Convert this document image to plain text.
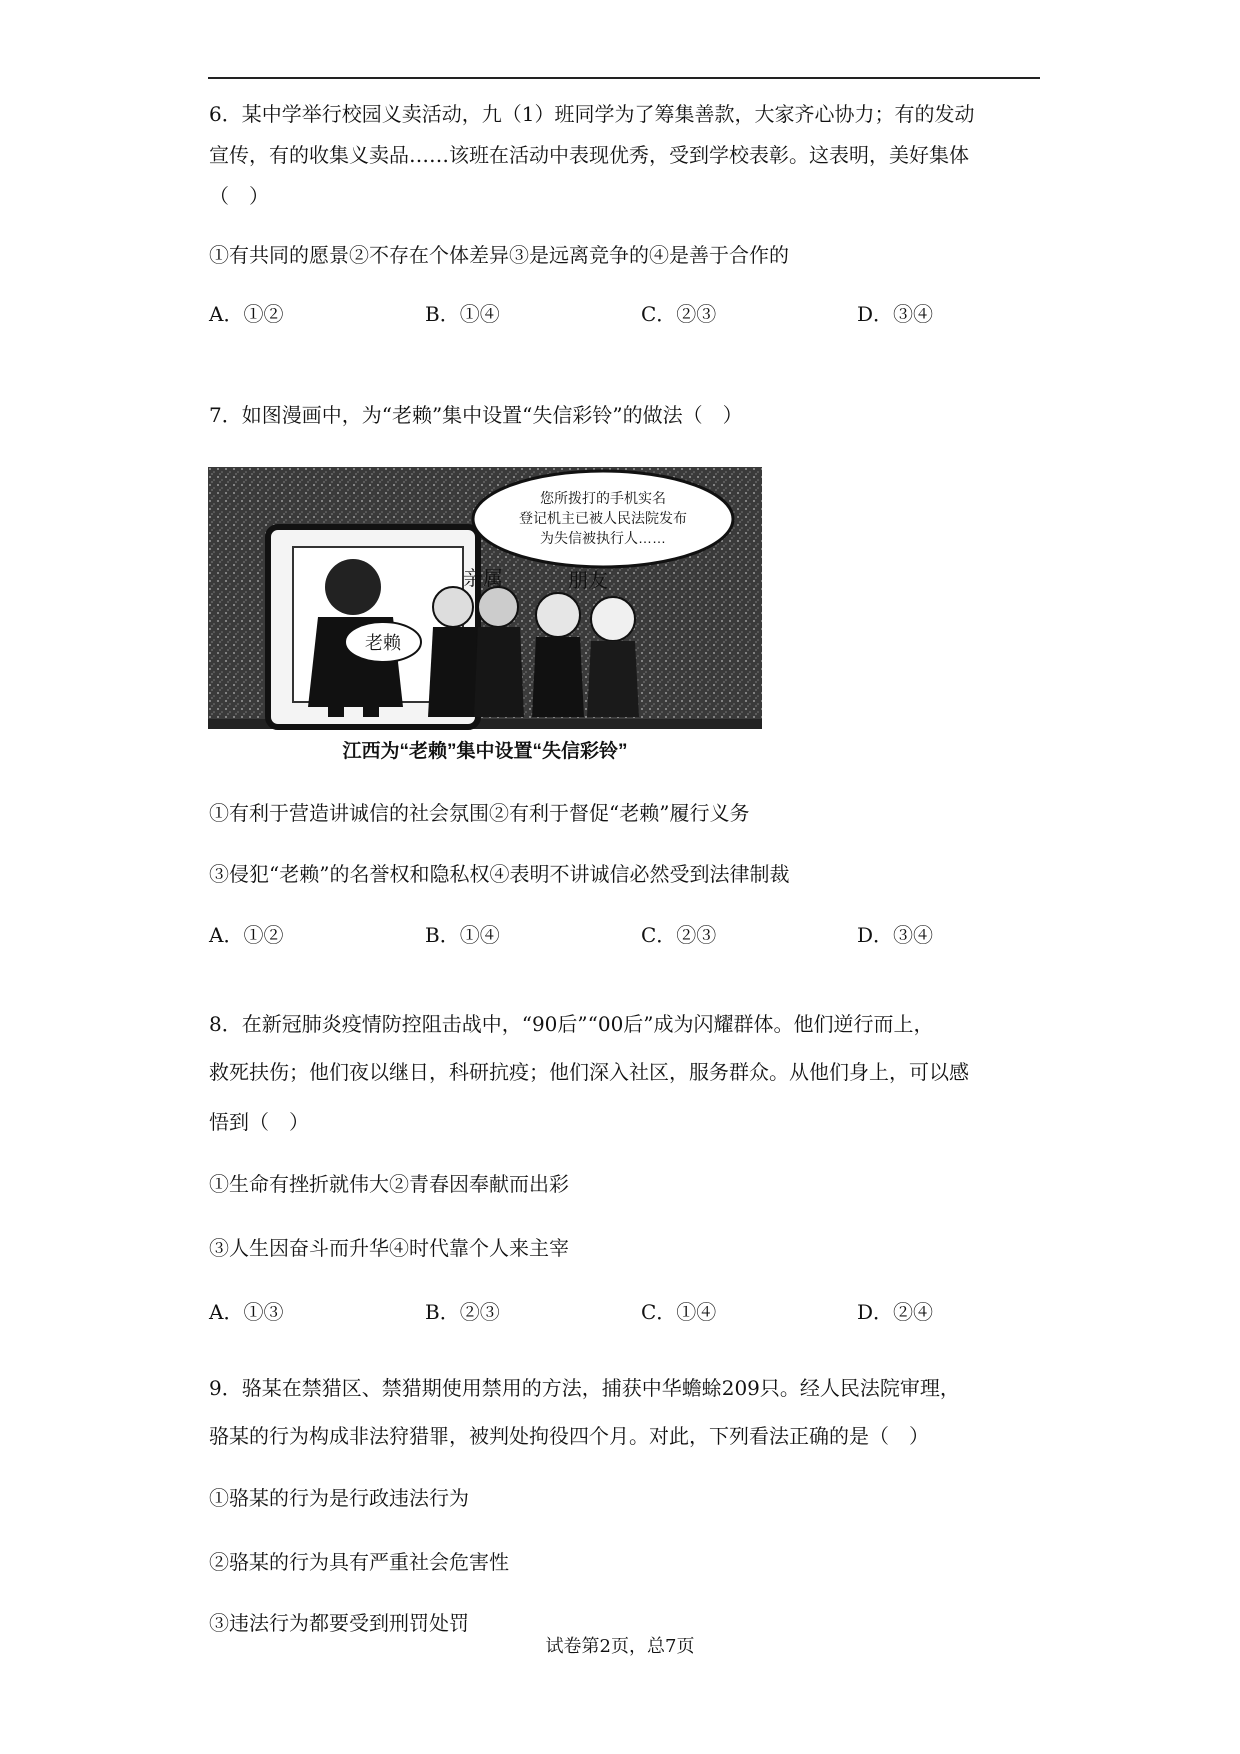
6．某中学举行校园义卖活动，九（1）班同学为了筹集善款，大家齐心协力；有的发动
宣传，有的收集义卖品……该班在活动中表现优秀，受到学校表彰。这表明，美好集体
（　）
①有共同的愿景②不存在个体差异③是远离竞争的④是善于合作的
A．①②	B．①④	C．②③	D．③④
7．如图漫画中，为“老赖”集中设置“失信彩铃”的做法（　）
您所拨打的手机实名
登记机主已被人民法院发布
为失信被执行人……
老赖
亲属	朋友
江西为“老赖”集中设置“失信彩铃”
①有利于营造讲诚信的社会氛围②有利于督促“老赖”履行义务
③侵犯“老赖”的名誉权和隐私权④表明不讲诚信必然受到法律制裁
A．①②	B．①④	C．②③	D．③④
8．在新冠肺炎疫情防控阻击战中，“90后”“00后”成为闪耀群体。他们逆行而上，
救死扶伤；他们夜以继日，科研抗疫；他们深入社区，服务群众。从他们身上，可以感
悟到（　）
①生命有挫折就伟大②青春因奉献而出彩
③人生因奋斗而升华④时代靠个人来主宰
A．①③	B．②③	C．①④	D．②④
9．骆某在禁猎区、禁猎期使用禁用的方法，捕获中华蟾蜍209只。经人民法院审理，
骆某的行为构成非法狩猎罪，被判处拘役四个月。对此，下列看法正确的是（　）
①骆某的行为是行政违法行为
②骆某的行为具有严重社会危害性
③违法行为都要受到刑罚处罚
试卷第2页，总7页
